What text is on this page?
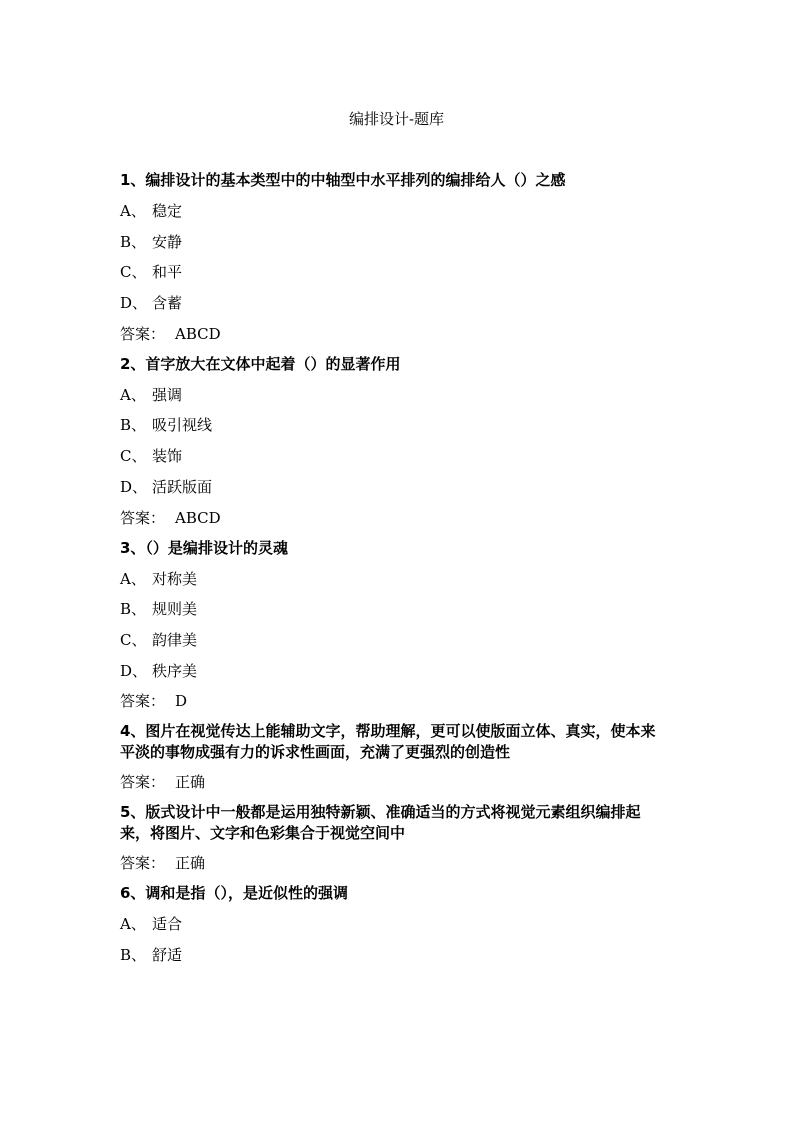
编排设计-题库
1、编排设计的基本类型中的中轴型中水平排列的编排给人（）之感
A、 稳定
B、 安静
C、 和平
D、 含蓄
答案： ABCD
2、首字放大在文体中起着（）的显著作用
A、 强调
B、 吸引视线
C、 装饰
D、 活跃版面
答案： ABCD
3、（）是编排设计的灵魂
A、 对称美
B、 规则美
C、 韵律美
D、 秩序美
答案： D
4、图片在视觉传达上能辅助文字，帮助理解，更可以使版面立体、真实，使本来平淡的事物成强有力的诉求性画面，充满了更强烈的创造性
答案： 正确
5、版式设计中一般都是运用独特新颖、准确适当的方式将视觉元素组织编排起来，将图片、文字和色彩集合于视觉空间中
答案： 正确
6、调和是指（），是近似性的强调
A、 适合
B、 舒适
